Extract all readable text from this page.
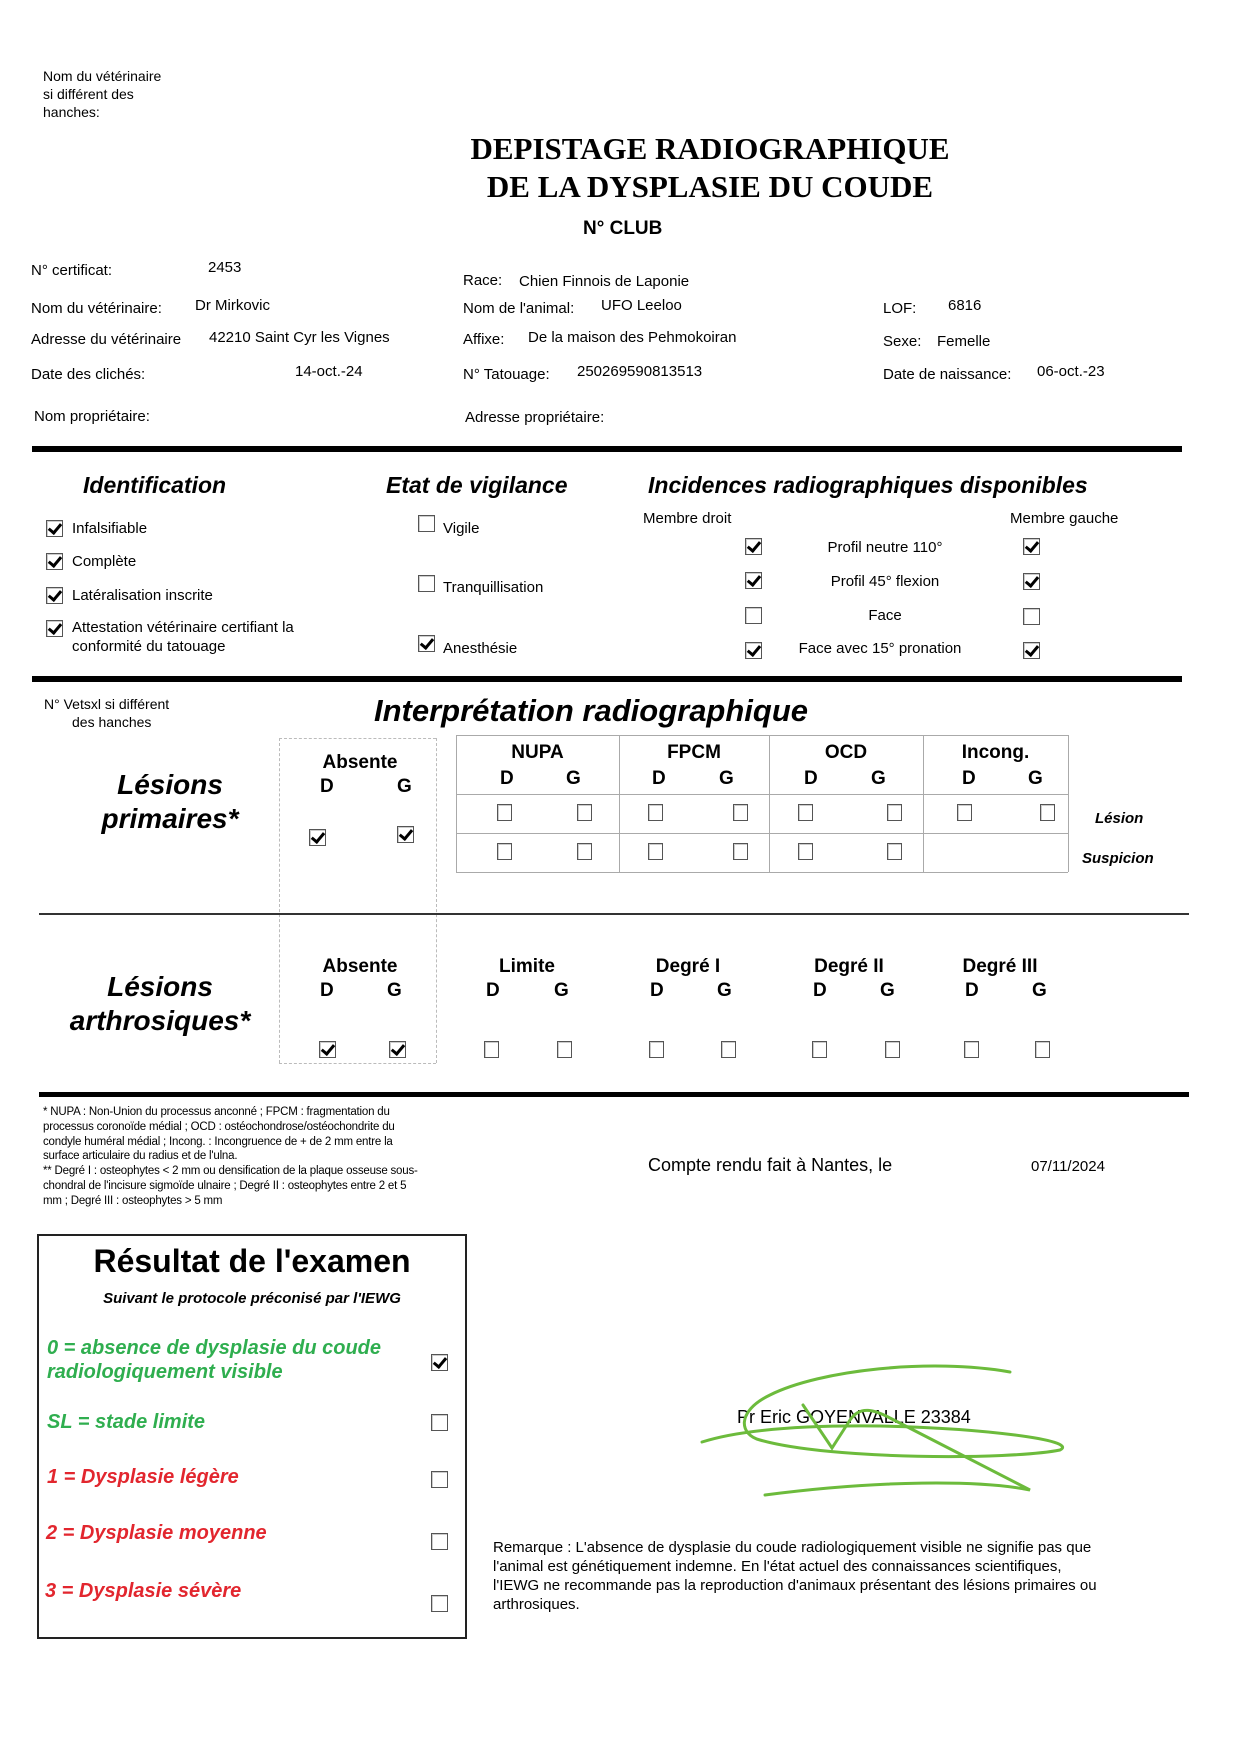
Nom du vétérinaire
si différent des
hanches:
DEPISTAGE RADIOGRAPHIQUE
DE LA DYSPLASIE DU COUDE
N° CLUB
N° certificat:	2453
Nom du vétérinaire: Dr Mirkovic
Adresse du vétérinaire 42210 Saint Cyr les Vignes
Date des clichés:	14-oct.-24
Nom propriétaire:
Race: Chien Finnois de Laponie
Nom de l'animal: UFO Leeloo
Affixe: De la maison des Pehmokoiran
N° Tatouage: 250269590813513
Adresse propriétaire:
LOF: 6816
Sexe: Femelle
Date de naissance: 06-oct.-23
Identification
Infalsifiable
Complète
Latéralisation inscrite
Attestation vétérinaire certifiant la
conformité du tatouage
Etat de vigilance
Vigile
Tranquillisation
Anesthésie
Incidences radiographiques disponibles
Membre droit	Membre gauche
Profil neutre 110°
Profil 45° flexion
Face
Face avec 15° pronation
N° Vetsxl si différent
des hanches	Interprétation radiographique
Lésions
primaires*
Absente
D	G
NUPA	FPCM	OCD	Incong.
D	G	D	G	D	G	D	G
Lésion
Suspicion
Lésions
arthrosiques*
Absente
D	G
Limite
D	G
Degré I
D	G
Degré II
D	G
Degré III
D	G
* NUPA : Non-Union du processus anconné ; FPCM : fragmentation du
processus coronoïde médial ; OCD : ostéochondrose/ostéochondrite du
condyle huméral médial ; Incong. : Incongruence de + de 2 mm entre la
surface articulaire du radius et de l'ulna.
** Degré I : osteophytes < 2 mm ou densification de la plaque osseuse sous-
chondral de l'incisure sigmoïde ulnaire ; Degré II : osteophytes entre 2 et 5
mm ; Degré III : osteophytes > 5 mm
Compte rendu fait à Nantes, le	07/11/2024
Résultat de l'examen
Suivant le protocole préconisé par l'IEWG
0 = absence de dysplasie du coude
radiologiquement visible
SL = stade limite
1 = Dysplasie légère
2 = Dysplasie moyenne
3 = Dysplasie sévère
Pr Eric GOYENVALLE 23384
Remarque : L'absence de dysplasie du coude radiologiquement visible ne signifie pas que
l'animal est génétiquement indemne. En l'état actuel des connaissances scientifiques,
l'IEWG ne recommande pas la reproduction d'animaux présentant des lésions primaires ou
arthrosiques.
